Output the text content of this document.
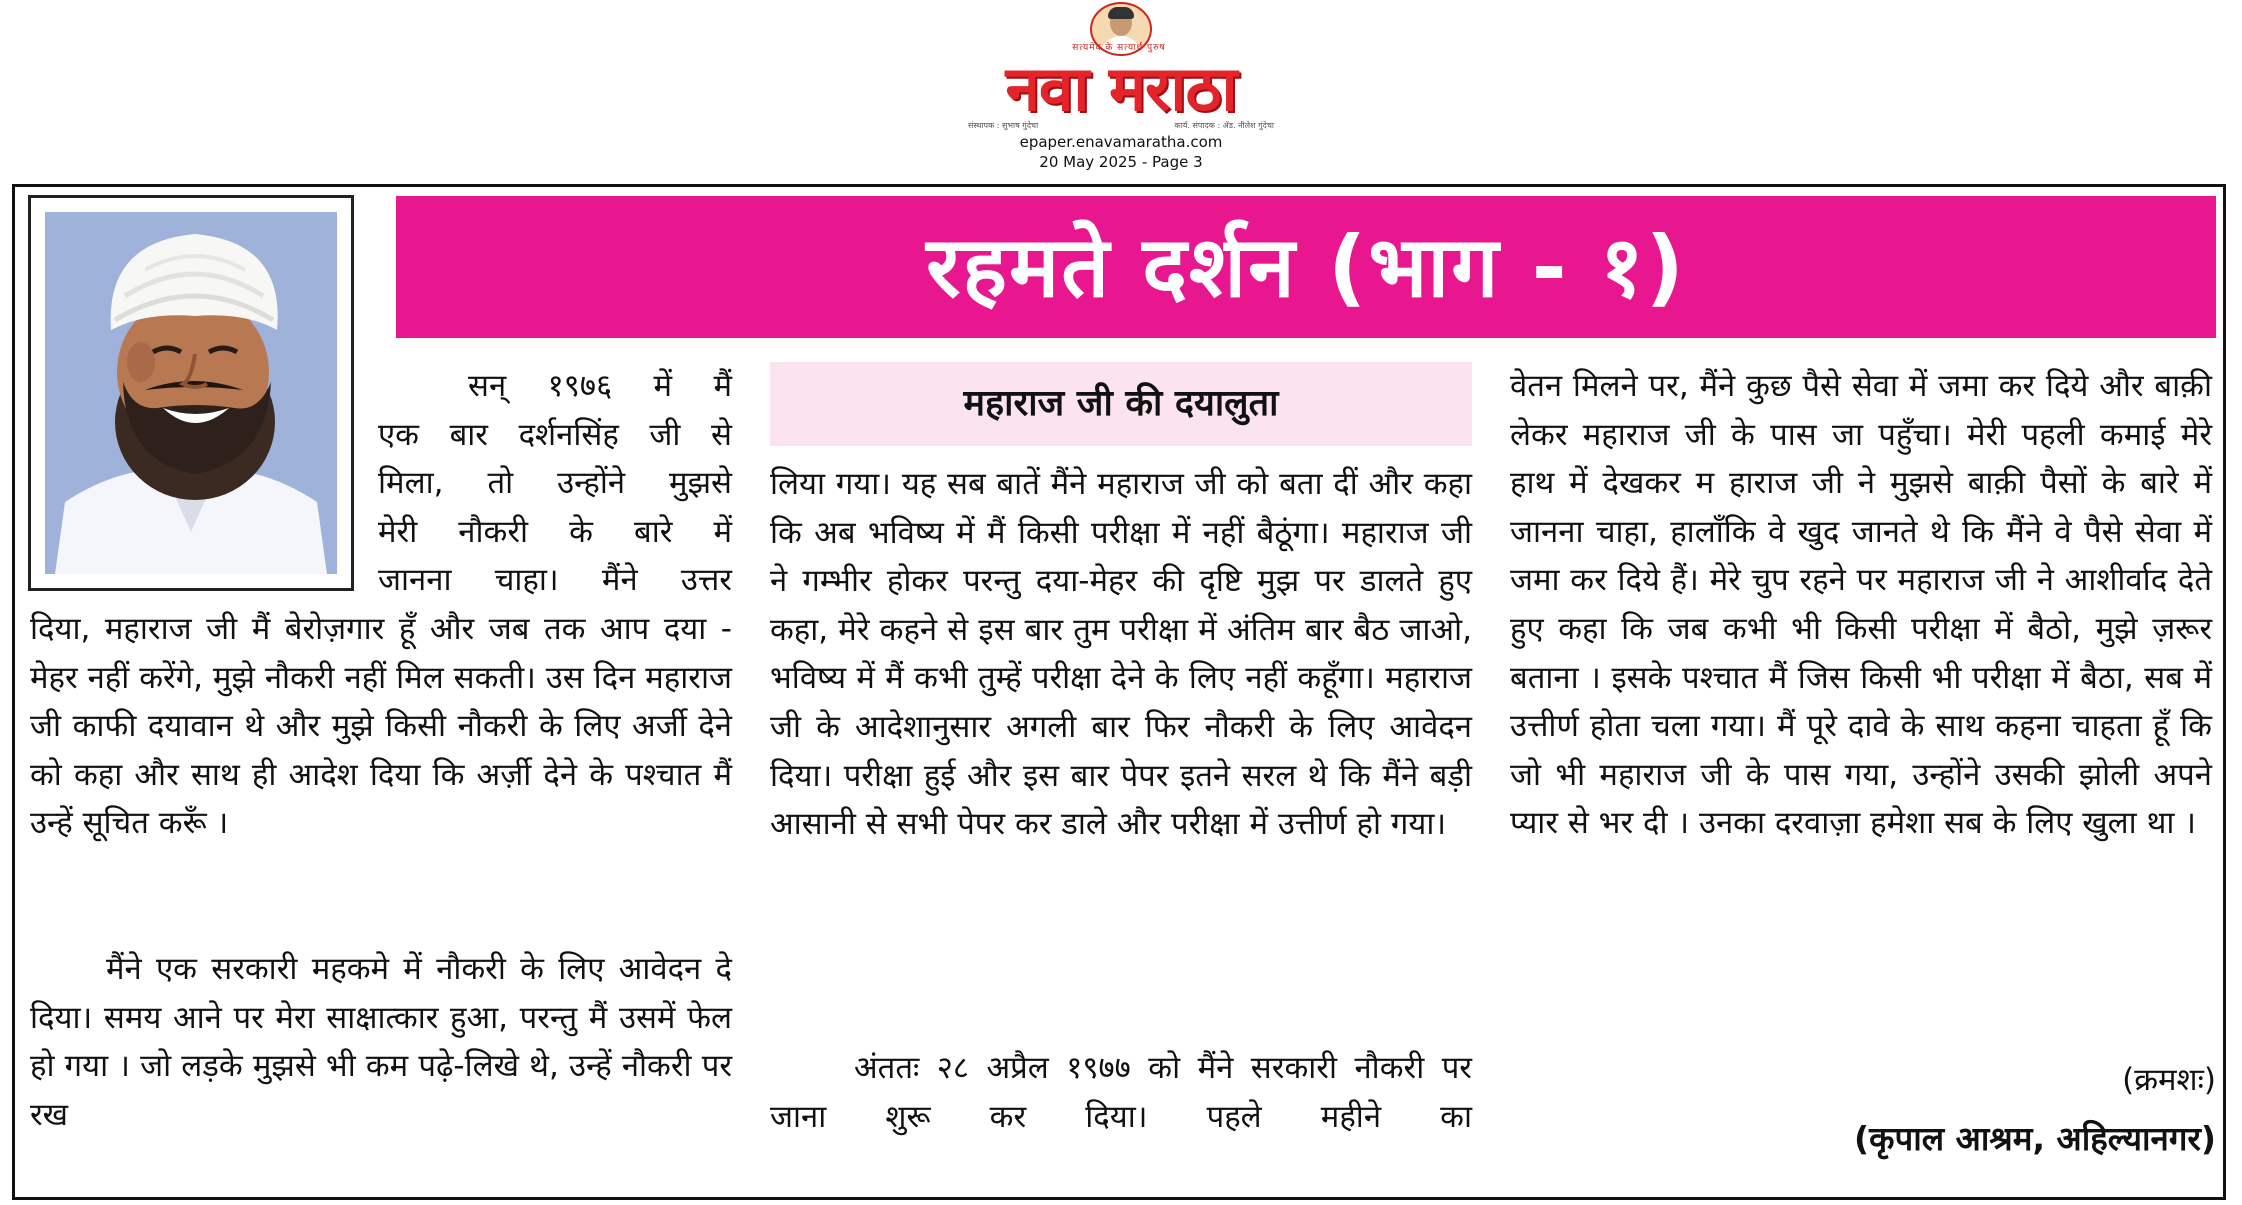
सत्यमेव के सत्यार्थ पुरुष
नवा मराठा
संस्थापक : सुभाष गुंदेचा	कार्य. संपादक : ॲड. नीलेश गुंदेचा
epaper.enavamaratha.com
20 May 2025 - Page 3
रहमते दर्शन (भाग - १)

सन् १९७६ में मैं

एक बार दर्शनसिंह जी से

मिला, तो उन्होंने मुझसे

मेरी नौकरी के बारे में

जानना चाहा। मैंने उत्तर

दिया, महाराज जी मैं बेरोज़गार हूँ और जब तक आप दया - मेहर नहीं करेंगे, मुझे नौकरी नहीं मिल सकती। उस दिन महाराज जी काफी दयावान थे और मुझे किसी नौकरी के लिए अर्जी देने को कहा और साथ ही आदेश दिया कि अर्ज़ी देने के पश्चात मैं उन्हें सूचित करूँ ।

मैंने एक सरकारी महकमे में नौकरी के लिए आवेदन दे दिया। समय आने पर मेरा साक्षात्कार हुआ, परन्तु मैं उसमें फेल हो गया । जो लड़के मुझसे भी कम पढ़े-लिखे थे, उन्हें नौकरी पर रख

महाराज जी की दयालुता

लिया गया। यह सब बातें मैंने महाराज जी को बता दीं और कहा कि अब भविष्य में मैं किसी परीक्षा में नहीं बैठूंगा। महाराज जी ने गम्भीर होकर परन्तु दया-मेहर की दृष्टि मुझ पर डालते हुए कहा, मेरे कहने से इस बार तुम परीक्षा में अंतिम बार बैठ जाओ, भविष्य में मैं कभी तुम्हें परीक्षा देने के लिए नहीं कहूँगा। महाराज जी के आदेशानुसार अगली बार फिर नौकरी के लिए आवेदन दिया। परीक्षा हुई और इस बार पेपर इतने सरल थे कि मैंने बड़ी आसानी से सभी पेपर कर डाले और परीक्षा में उत्तीर्ण हो गया।

अंततः २८ अप्रैल १९७७ को मैंने सरकारी नौकरी पर जाना शुरू कर दिया। पहले महीने का

वेतन मिलने पर, मैंने कुछ पैसे सेवा में जमा कर दिये और बाक़ी लेकर महाराज जी के पास जा पहुँचा। मेरी पहली कमाई मेरे हाथ में देखकर म हाराज जी ने मुझसे बाक़ी पैसों के बारे में जानना चाहा, हालाँकि वे खुद जानते थे कि मैंने वे पैसे सेवा में जमा कर दिये हैं। मेरे चुप रहने पर महाराज जी ने आशीर्वाद देते हुए कहा कि जब कभी भी किसी परीक्षा में बैठो, मुझे ज़रूर बताना । इसके पश्चात मैं जिस किसी भी परीक्षा में बैठा, सब में उत्तीर्ण होता चला गया। मैं पूरे दावे के साथ कहना चाहता हूँ कि जो भी महाराज जी के पास गया, उन्होंने उसकी झोली अपने प्यार से भर दी । उनका दरवाज़ा हमेशा सब के लिए खुला था ।

(क्रमशः)
(कृपाल आश्रम, अहिल्यानगर)
